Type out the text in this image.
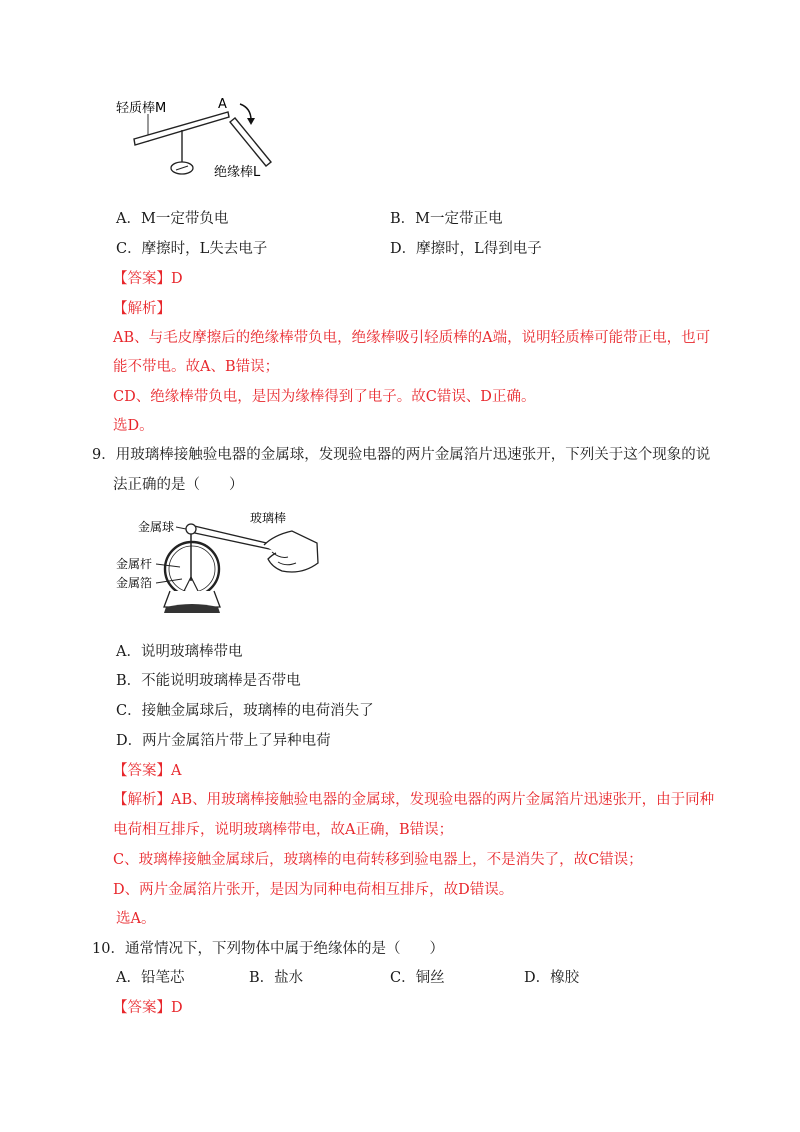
轻质棒M	A
绝缘棒L
A．M一定带负电	B．M一定带正电
C．摩擦时，L失去电子	D．摩擦时，L得到电子
【答案】D
【解析】
AB、与毛皮摩擦后的绝缘棒带负电，绝缘棒吸引轻质棒的A端，说明轻质棒可能带正电，也可
能不带电。故A、B错误；
CD、绝缘棒带负电，是因为缘棒得到了电子。故C错误、D正确。
选D。
9．用玻璃棒接触验电器的金属球，发现验电器的两片金属箔片迅速张开，下列关于这个现象的说
法正确的是（　　）
金属球
玻璃棒
金属杆
金属箔
A．说明玻璃棒带电
B．不能说明玻璃棒是否带电
C．接触金属球后，玻璃棒的电荷消失了
D．两片金属箔片带上了异种电荷
【答案】A
【解析】AB、用玻璃棒接触验电器的金属球，发现验电器的两片金属箔片迅速张开，由于同种
电荷相互排斥，说明玻璃棒带电，故A正确，B错误；
C、玻璃棒接触金属球后，玻璃棒的电荷转移到验电器上，不是消失了，故C错误；
D、两片金属箔片张开，是因为同种电荷相互排斥，故D错误。
选A。
10．通常情况下，下列物体中属于绝缘体的是（　　）
A．铅笔芯	B．盐水	C．铜丝	D．橡胶
【答案】D
